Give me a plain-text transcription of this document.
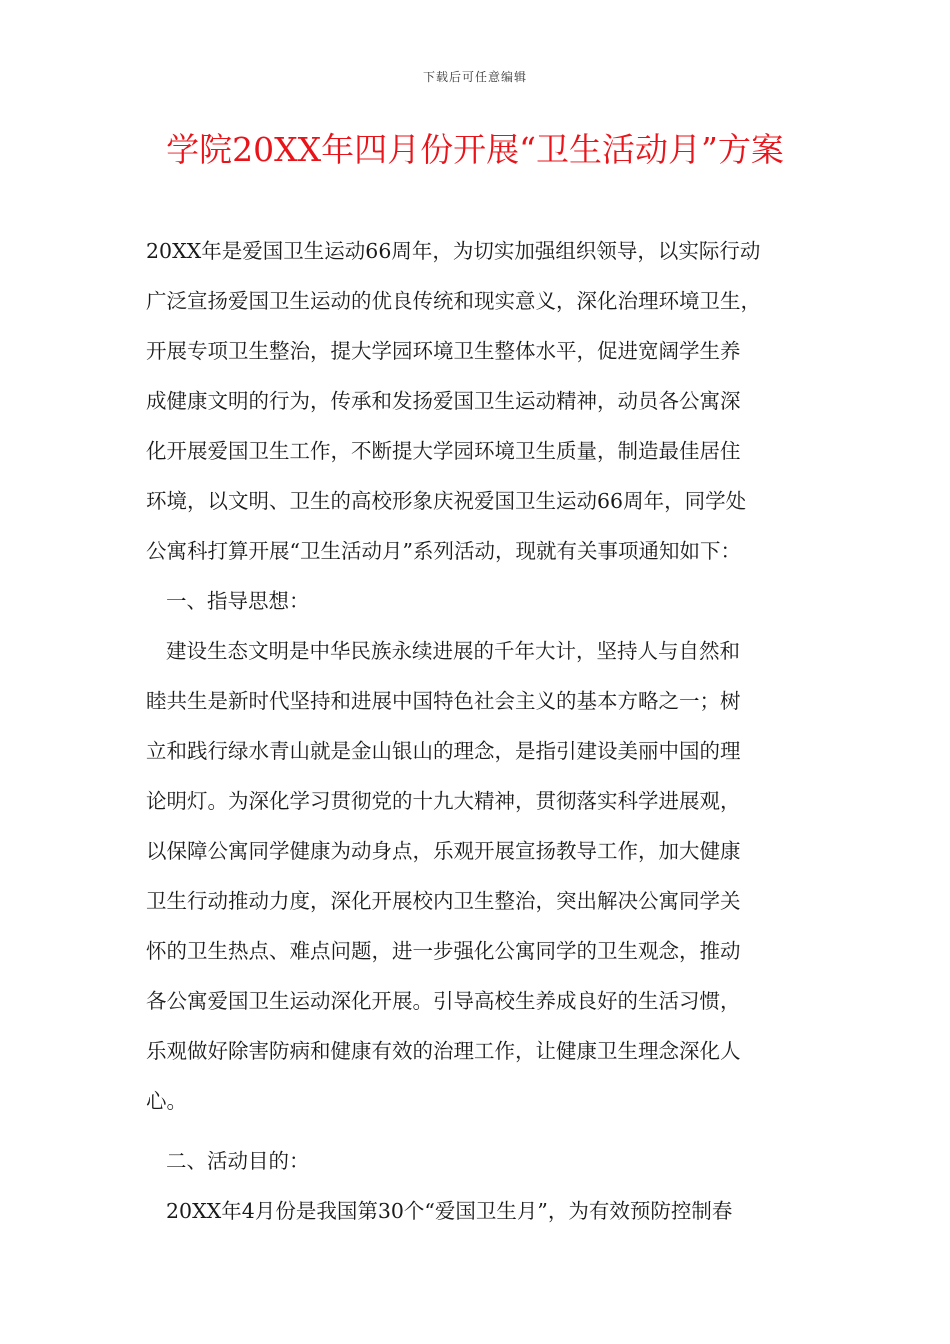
下载后可任意编辑
学院20XX年四月份开展“卫生活动月”方案
20XX年是爱国卫生运动66周年，为切实加强组织领导，以实际行动
广泛宣扬爱国卫生运动的优良传统和现实意义，深化治理环境卫生，
开展专项卫生整治，提大学园环境卫生整体水平，促进宽阔学生养
成健康文明的行为，传承和发扬爱国卫生运动精神，动员各公寓深
化开展爱国卫生工作，不断提大学园环境卫生质量，制造最佳居住
环境，以文明、卫生的高校形象庆祝爱国卫生运动66周年，同学处
公寓科打算开展“卫生活动月”系列活动，现就有关事项通知如下：
一、指导思想：
建设生态文明是中华民族永续进展的千年大计，坚持人与自然和
睦共生是新时代坚持和进展中国特色社会主义的基本方略之一；树
立和践行绿水青山就是金山银山的理念，是指引建设美丽中国的理
论明灯。为深化学习贯彻党的十九大精神，贯彻落实科学进展观，
以保障公寓同学健康为动身点，乐观开展宣扬教导工作，加大健康
卫生行动推动力度，深化开展校内卫生整治，突出解决公寓同学关
怀的卫生热点、难点问题，进一步强化公寓同学的卫生观念，推动
各公寓爱国卫生运动深化开展。引导高校生养成良好的生活习惯，
乐观做好除害防病和健康有效的治理工作，让健康卫生理念深化人
心。
二、活动目的：
20XX年4月份是我国第30个“爱国卫生月”，为有效预防控制春
